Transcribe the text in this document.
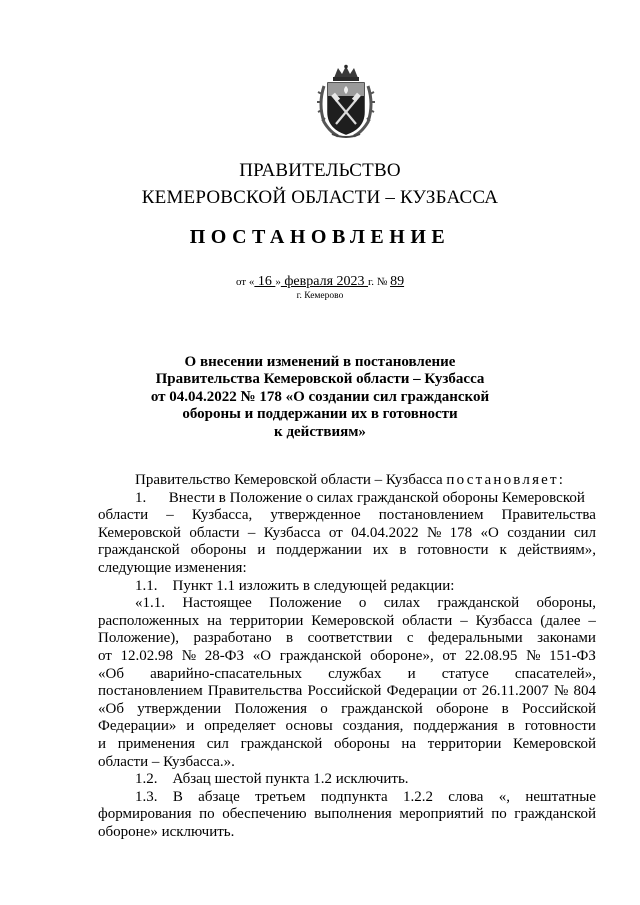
ПРАВИТЕЛЬСТВО
КЕМЕРОВСКОЙ ОБЛАСТИ – КУЗБАССА
ПОСТАНОВЛЕНИЕ
от « 16 » февраля 2023 г. № 89
г. Кемерово
О внесении изменений в постановление
Правительства Кемеровской области – Кузбасса
от 04.04.2022 № 178 «О создании сил гражданской
обороны и поддержании их в готовности
к действиям»
Правительство Кемеровской области – Кузбасса постановляет:
1.      Внести в Положение о силах гражданской обороны Кемеровской
области – Кузбасса, утвержденное постановлением Правительства
Кемеровской области – Кузбасса от 04.04.2022 № 178 «О создании сил
гражданской обороны и поддержании их в готовности к действиям»,
следующие изменения:
1.1.    Пункт 1.1 изложить в следующей редакции:
«1.1. Настоящее Положение о силах гражданской обороны,
расположенных на территории Кемеровской области – Кузбасса (далее –
Положение), разработано в соответствии с федеральными законами
от 12.02.98 № 28-ФЗ «О гражданской обороне», от 22.08.95 № 151-ФЗ
«Об аварийно-спасательных службах и статусе спасателей»,
постановлением Правительства Российской Федерации от 26.11.2007 № 804
«Об утверждении Положения о гражданской обороне в Российской
Федерации» и определяет основы создания, поддержания в готовности
и применения сил гражданской обороны на территории Кемеровской
области – Кузбасса.».
1.2.    Абзац шестой пункта 1.2 исключить.
1.3. В абзаце третьем подпункта 1.2.2 слова «, нештатные
формирования по обеспечению выполнения мероприятий по гражданской
обороне» исключить.
